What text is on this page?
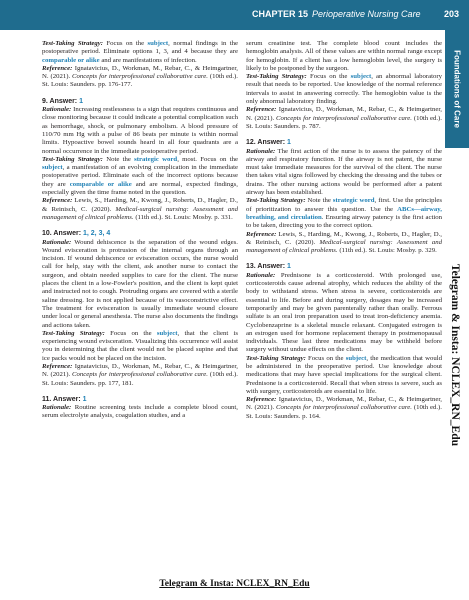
CHAPTER 15 Perioperative Nursing Care	203
Foundations of Care
Telegram & Insta: NCLEX_RN_Edu

Test-Taking Strategy: Focus on the subject, normal findings in the postoperative period. Eliminate options 1, 3, and 4 because they are comparable or alike and are manifestations of infection.

Reference: Ignatavicius, D., Workman, M., Rebar, C., & Heimgartner, N. (2021). Concepts for interprofessional collaborative care. (10th ed.). St. Louis: Saunders. pp. 176-177.

9. Answer: 1

Rationale: Increasing restlessness is a sign that requires continuous and close monitoring because it could indicate a potential complication such as hemorrhage, shock, or pulmonary embolism. A blood pressure of 110/70 mm Hg with a pulse of 86 beats per minute is within normal limits. Hypoactive bowel sounds heard in all four quadrants are a normal occurrence in the immediate postoperative period.

Test-Taking Strategy: Note the strategic word, most. Focus on the subject, a manifestation of an evolving complication in the immediate postoperative period. Eliminate each of the incorrect options because they are comparable or alike and are normal, expected findings, especially given the time frame noted in the question.

Reference: Lewis, S., Harding, M., Kwong, J., Roberts, D., Hagler, D., & Reinisch, C. (2020). Medical-surgical nursing: Assessment and management of clinical problems. (11th ed.). St. Louis: Mosby. p. 331.

10. Answer: 1, 2, 3, 4

Rationale: Wound dehiscence is the separation of the wound edges. Wound evisceration is protrusion of the internal organs through an incision. If wound dehiscence or evisceration occurs, the nurse would call for help, stay with the client, ask another nurse to contact the surgeon, and obtain needed supplies to care for the client. The nurse places the client in a low-Fowler's position, and the client is kept quiet and instructed not to cough. Protruding organs are covered with a sterile saline dressing. Ice is not applied because of its vasoconstrictive effect. The treatment for evisceration is usually immediate wound closure under local or general anesthesia. The nurse also documents the findings and actions taken.

Test-Taking Strategy: Focus on the subject, that the client is experiencing wound evisceration. Visualizing this occurrence will assist you in determining that the client would not be placed supine and that ice packs would not be placed on the incision.

Reference: Ignatavicius, D., Workman, M., Rebar, C., & Heimgartner, N. (2021). Concepts for interprofessional collaborative care. (10th ed.). St. Louis: Saunders. pp. 177, 181.

11. Answer: 1

Rationale: Routine screening tests include a complete blood count, serum electrolyte analysis, coagulation studies, and a

serum creatinine test. The complete blood count includes the hemoglobin analysis. All of these values are within normal range except for hemoglobin. If a client has a low hemoglobin level, the surgery is likely to be postponed by the surgeon.

Test-Taking Strategy: Focus on the subject, an abnormal laboratory result that needs to be reported. Use knowledge of the normal reference intervals to assist in answering correctly. The hemoglobin value is the only abnormal laboratory finding.

Reference: Ignatavicius, D., Workman, M., Rebar, C., & Heimgartner, N. (2021). Concepts for interprofessional collaborative care. (10th ed.). St. Louis: Saunders. p. 787.

12. Answer: 1

Rationale: The first action of the nurse is to assess the patency of the airway and respiratory function. If the airway is not patent, the nurse must take immediate measures for the survival of the client. The nurse then takes vital signs followed by checking the dressing and the tubes or drains. The other nursing actions would be performed after a patent airway has been established.

Test-Taking Strategy: Note the strategic word, first. Use the principles of prioritization to answer this question. Use the ABCs—airway, breathing, and circulation. Ensuring airway patency is the first action to be taken, directing you to the correct option.

Reference: Lewis, S., Harding, M., Kwong, J., Roberts, D., Hagler, D., & Reinisch, C. (2020). Medical-surgical nursing: Assessment and management of clinical problems. (11th ed.). St. Louis: Mosby. p. 329.

13. Answer: 1

Rationale: Prednisone is a corticosteroid. With prolonged use, corticosteroids cause adrenal atrophy, which reduces the ability of the body to withstand stress. When stress is severe, corticosteroids are essential to life. Before and during surgery, dosages may be increased temporarily and may be given parenterally rather than orally. Ferrous sulfate is an oral iron preparation used to treat iron-deficiency anemia. Cyclobenzaprine is a skeletal muscle relaxant. Conjugated estrogen is an estrogen used for hormone replacement therapy in postmenopausal individuals. These last three medications may be withheld before surgery without undue effects on the client.

Test-Taking Strategy: Focus on the subject, the medication that would be administered in the preoperative period. Use knowledge about medications that may have special implications for the surgical client. Prednisone is a corticosteroid. Recall that when stress is severe, such as with surgery, corticosteroids are essential to life.

Reference: Ignatavicius, D., Workman, M., Rebar, C., & Heimgartner, N. (2021). Concepts for interprofessional collaborative care. (10th ed.). St. Louis: Saunders. p. 164.

Telegram & Insta: NCLEX_RN_Edu
